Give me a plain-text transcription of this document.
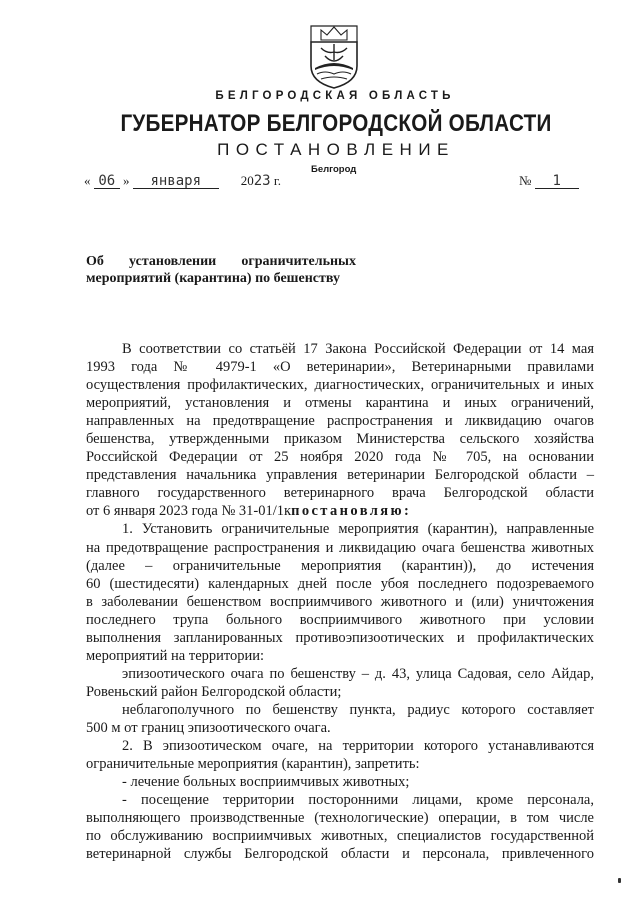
БЕЛГОРОДСКАЯ ОБЛАСТЬ
ГУБЕРНАТОР БЕЛГОРОДСКОЙ ОБЛАСТИ
ПОСТАНОВЛЕНИЕ
Белгород
« 06 » января	2023 г.	№ 1
Об установлении ограничительных
мероприятий (карантина) по бешенству

В соответствии со статьёй 17 Закона Российской Федерации от 14 мая

1993 года № 4979-1 «О ветеринарии», Ветеринарными правилами

осуществления профилактических, диагностических, ограничительных и иных

мероприятий, установления и отмены карантина и иных ограничений,

направленных на предотвращение распространения и ликвидацию очагов

бешенства, утвержденными приказом Министерства сельского хозяйства

Российской Федерации от 25 ноября 2020 года № 705, на основании

представления начальника управления ветеринарии Белгородской области –

главного государственного ветеринарного врача Белгородской области

от 6 января 2023 года № 31-01/1кпостановляю:

1. Установить ограничительные мероприятия (карантин), направленные

на предотвращение распространения и ликвидацию очага бешенства животных

(далее – ограничительные мероприятия (карантин)), до истечения

60 (шестидесяти) календарных дней после убоя последнего подозреваемого

в заболевании бешенством восприимчивого животного и (или) уничтожения

последнего трупа больного восприимчивого животного при условии

выполнения запланированных противоэпизоотических и профилактических

мероприятий на территории:

эпизоотического очага по бешенству – д. 43, улица Садовая, село Айдар,

Ровеньский район Белгородской области;

неблагополучного по бешенству пункта, радиус которого составляет

500 м от границ эпизоотического очага.

2. В эпизоотическом очаге, на территории которого устанавливаются

ограничительные мероприятия (карантин), запретить:

- лечение больных восприимчивых животных;

- посещение территории посторонними лицами, кроме персонала,

выполняющего производственные (технологические) операции, в том числе

по обслуживанию восприимчивых животных, специалистов государственной

ветеринарной службы Белгородской области и персонала, привлеченного
